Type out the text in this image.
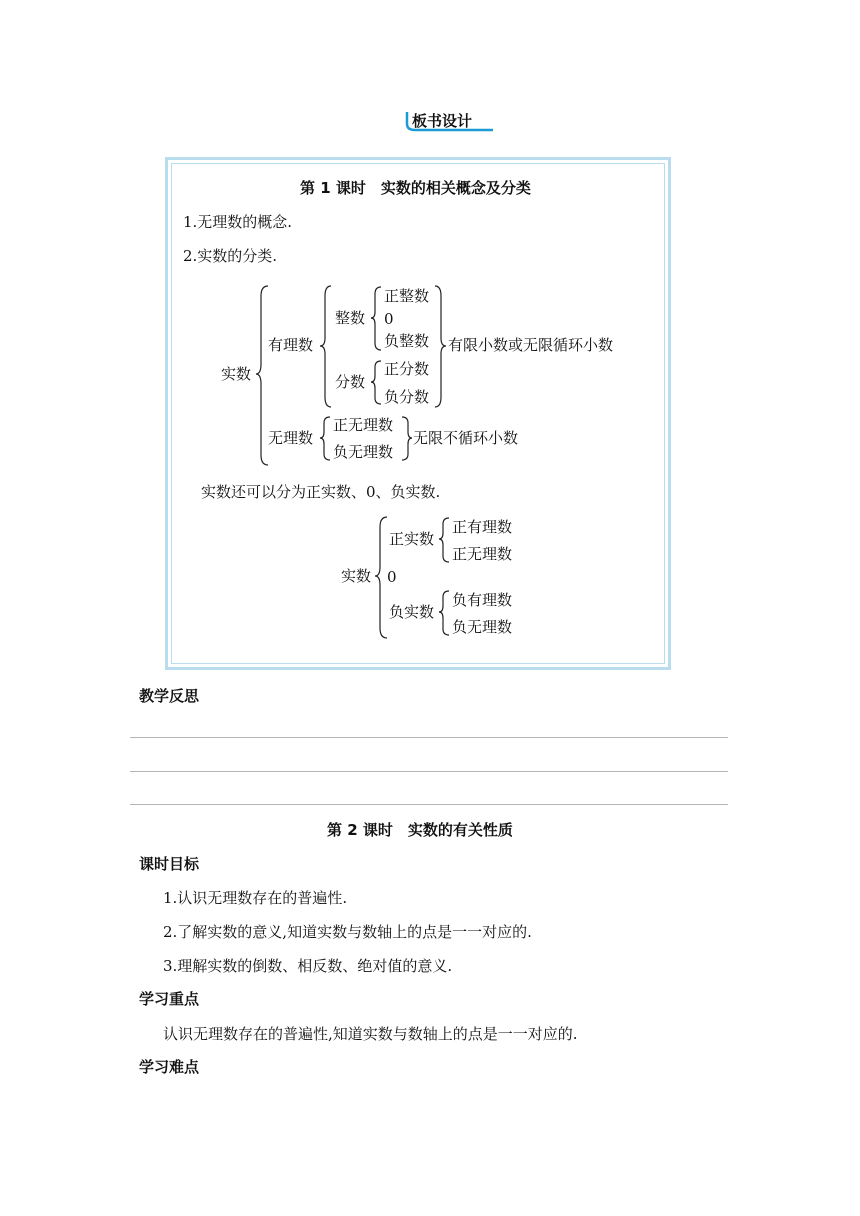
板书设计
第 1 课时　实数的相关概念及分类
1.无理数的概念.
2.实数的分类.
实数
有理数
整数
正整数
0
负整数
分数
正分数
负分数
有限小数或无限循环小数
无理数
正无理数
负无理数
无限不循环小数
实数还可以分为正实数、0、负实数.
实数
正实数
正有理数
正无理数
0
负实数
负有理数
负无理数
教学反思
第 2 课时　实数的有关性质
课时目标
1.认识无理数存在的普遍性.
2.了解实数的意义,知道实数与数轴上的点是一一对应的.
3.理解实数的倒数、相反数、绝对值的意义.
学习重点
认识无理数存在的普遍性,知道实数与数轴上的点是一一对应的.
学习难点
